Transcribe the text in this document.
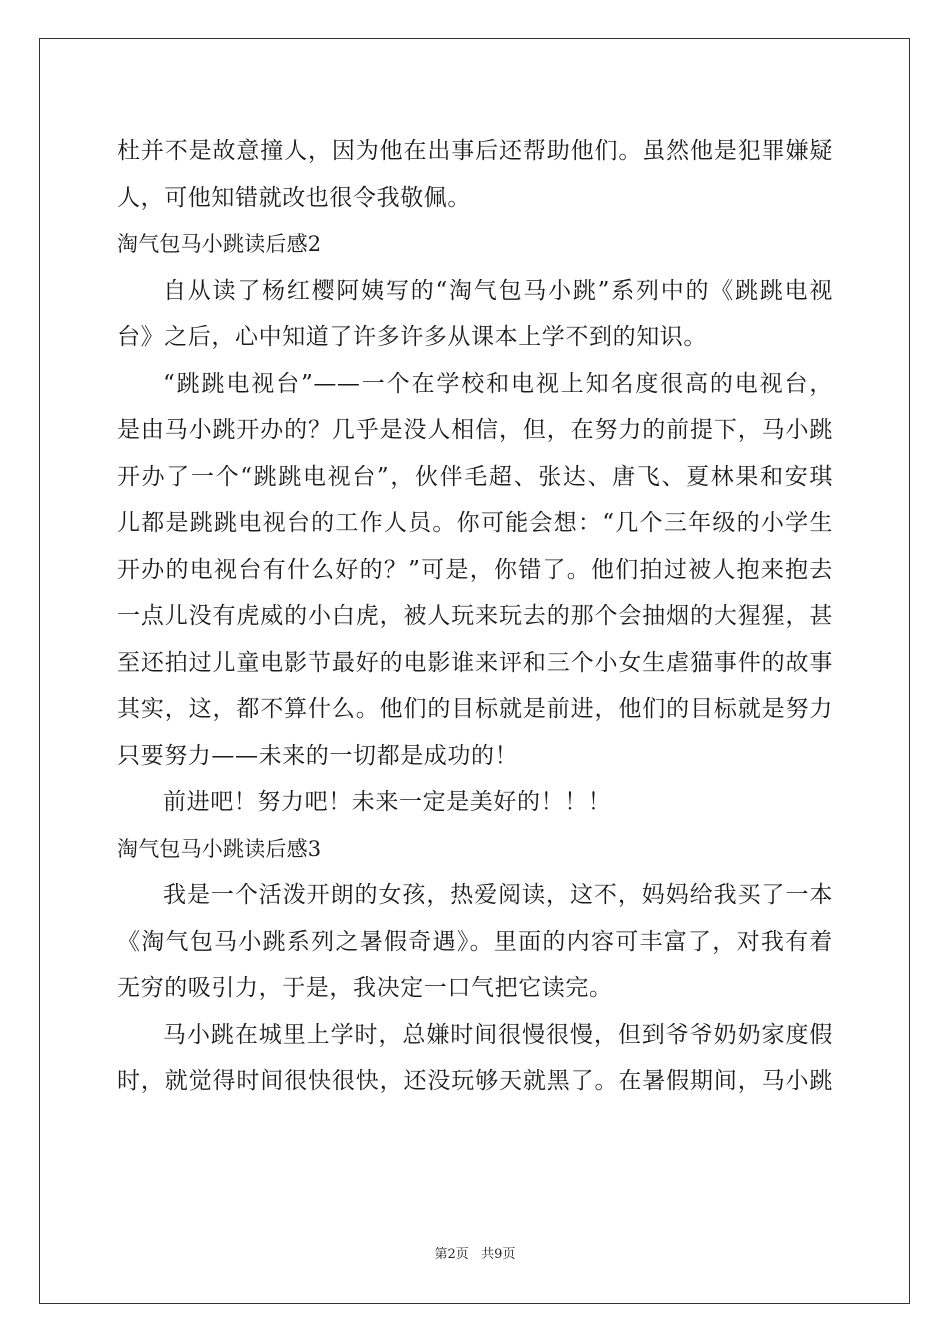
杜并不是故意撞人，因为他在出事后还帮助他们。虽然他是犯罪嫌疑
人，可他知错就改也很令我敬佩。
淘气包马小跳读后感2
自从读了杨红樱阿姨写的“淘气包马小跳”系列中的《跳跳电视
台》之后，心中知道了许多许多从课本上学不到的知识。
“跳跳电视台”——一个在学校和电视上知名度很高的电视台，
是由马小跳开办的？几乎是没人相信，但，在努力的前提下，马小跳
开办了一个“跳跳电视台”，伙伴毛超、张达、唐飞、夏林果和安琪
儿都是跳跳电视台的工作人员。你可能会想：“几个三年级的小学生
开办的电视台有什么好的？”可是，你错了。他们拍过被人抱来抱去
一点儿没有虎威的小白虎，被人玩来玩去的那个会抽烟的大猩猩，甚
至还拍过儿童电影节最好的电影谁来评和三个小女生虐猫事件的故事
其实，这，都不算什么。他们的目标就是前进，他们的目标就是努力
只要努力——未来的一切都是成功的！
前进吧！努力吧！未来一定是美好的！！！
淘气包马小跳读后感3
我是一个活泼开朗的女孩，热爱阅读，这不，妈妈给我买了一本
《淘气包马小跳系列之暑假奇遇》。里面的内容可丰富了，对我有着
无穷的吸引力，于是，我决定一口气把它读完。
马小跳在城里上学时，总嫌时间很慢很慢，但到爷爷奶奶家度假
时，就觉得时间很快很快，还没玩够天就黑了。在暑假期间，马小跳
第2页   共9页
